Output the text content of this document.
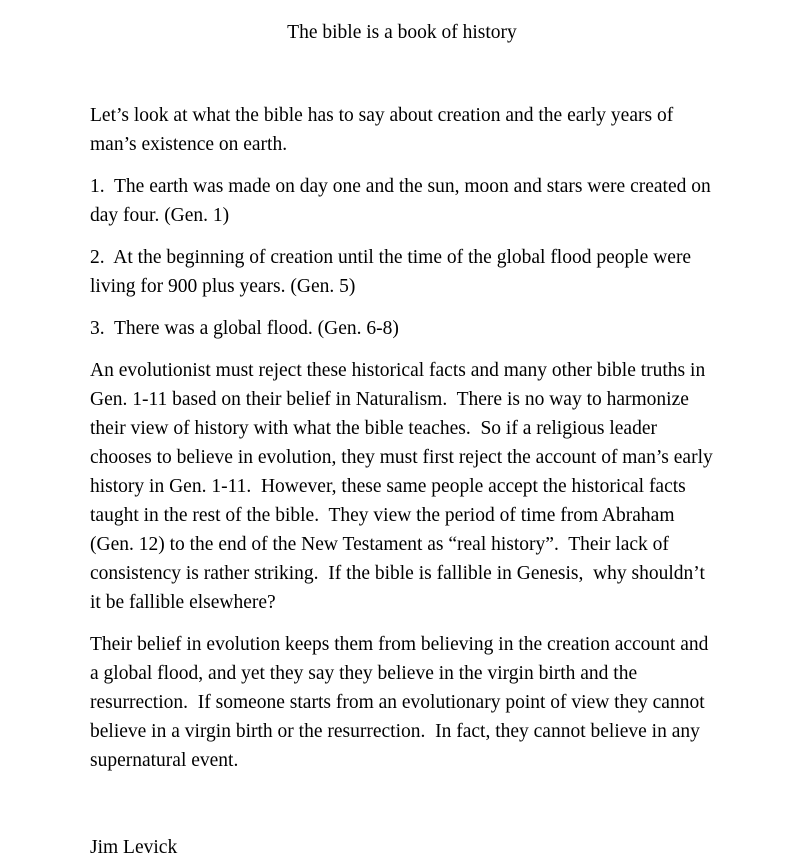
The bible is a book of history

Let’s look at what the bible has to say about creation and the early years of man’s existence on earth.

1.  The earth was made on day one and the sun, moon and stars were created on day four. (Gen. 1)

2.  At the beginning of creation until the time of the global flood people were living for 900 plus years. (Gen. 5)

3.  There was a global flood. (Gen. 6-8)

An evolutionist must reject these historical facts and many other bible truths in Gen. 1-11 based on their belief in Naturalism.  There is no way to harmonize their view of history with what the bible teaches.  So if a religious leader chooses to believe in evolution, they must first reject the account of man’s early history in Gen. 1-11.  However, these same people accept the historical facts taught in the rest of the bible.  They view the period of time from Abraham (Gen. 12) to the end of the New Testament as “real history”.  Their lack of consistency is rather striking.  If the bible is fallible in Genesis,  why shouldn’t it be fallible elsewhere?

Their belief in evolution keeps them from believing in the creation account and a global flood, and yet they say they believe in the virgin birth and the resurrection.  If someone starts from an evolutionary point of view they cannot believe in a virgin birth or the resurrection.  In fact, they cannot believe in any supernatural event.

Jim Levick
